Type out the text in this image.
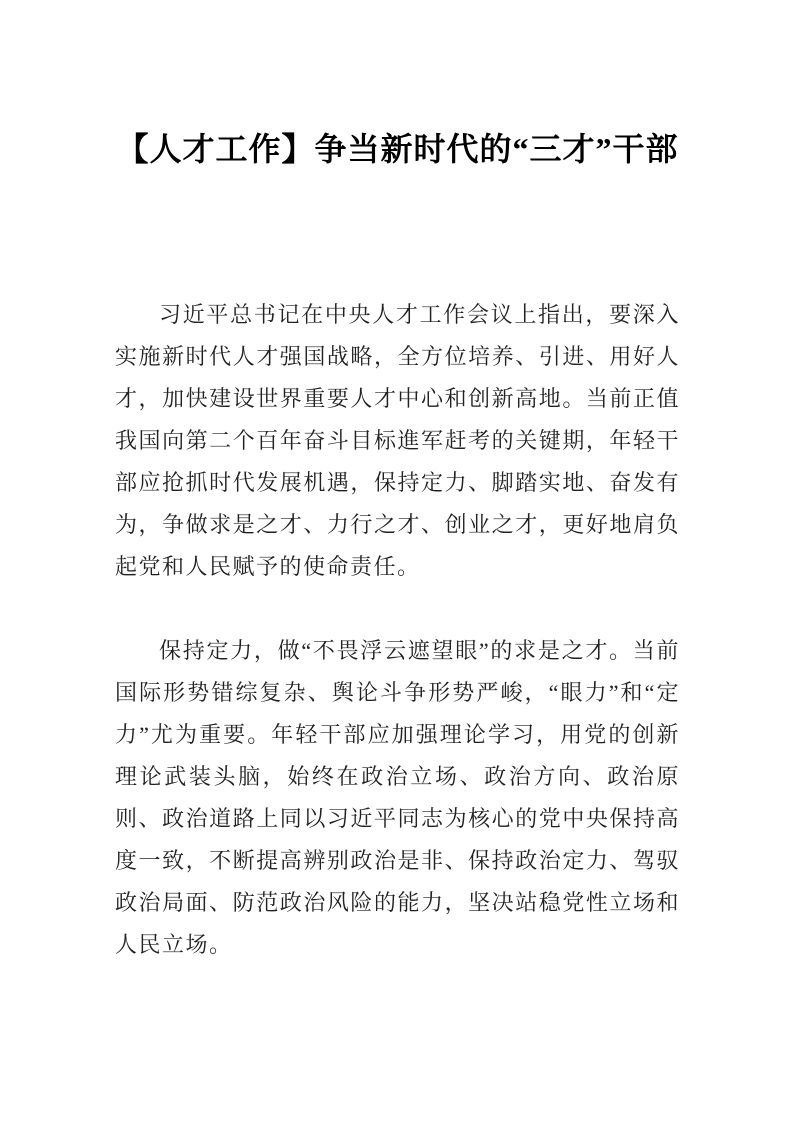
【人才工作】争当新时代的“三才”干部

习近平总书记在中央人才工作会议上指出，要深入实施新时代人才强国战略，全方位培养、引进、用好人才，加快建设世界重要人才中心和创新高地。当前正值我国向第二个百年奋斗目标進军赶考的关键期，年轻干部应抢抓时代发展机遇，保持定力、脚踏实地、奋发有为，争做求是之才、力行之才、创业之才，更好地肩负起党和人民赋予的使命责任。

保持定力，做“不畏浮云遮望眼”的求是之才。当前国际形势错综复杂、舆论斗争形势严峻，“眼力”和“定力”尤为重要。年轻干部应加强理论学习，用党的创新理论武装头脑，始终在政治立场、政治方向、政治原则、政治道路上同以习近平同志为核心的党中央保持高度一致，不断提高辨别政治是非、保持政治定力、驾驭政治局面、防范政治风险的能力，坚决站稳党性立场和人民立场。
